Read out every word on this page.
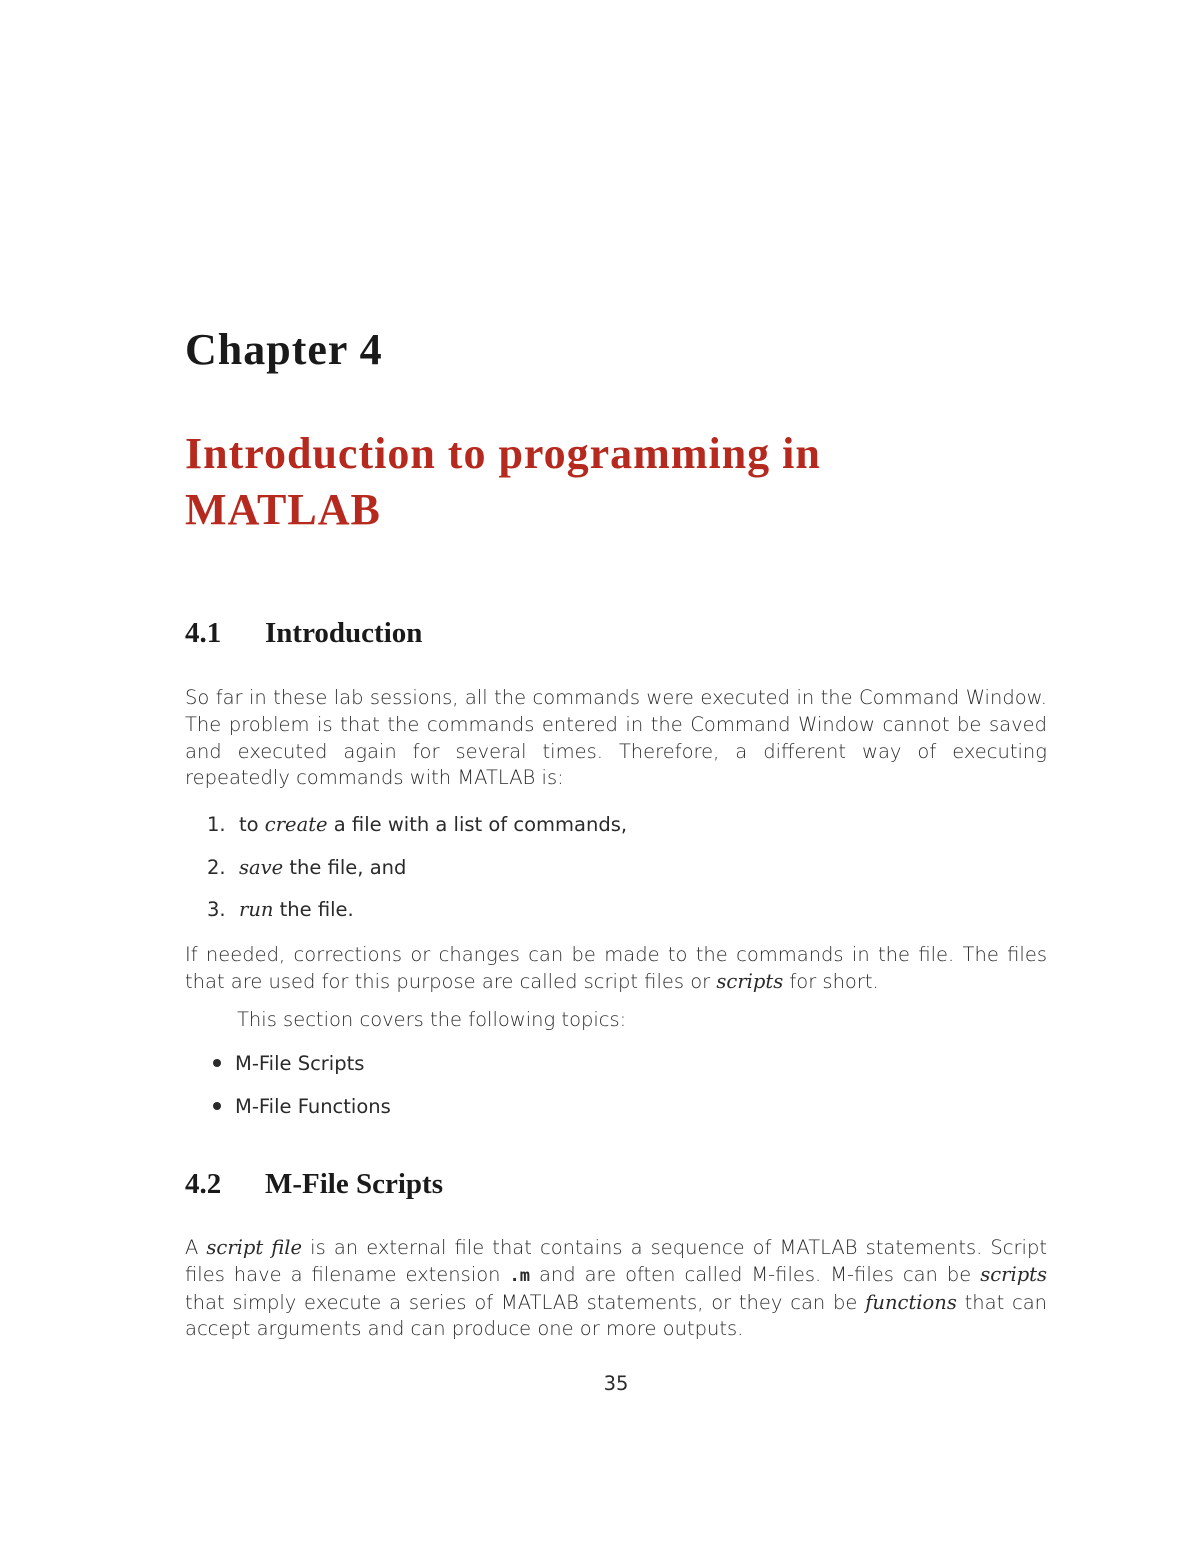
Chapter 4
Introduction to programming in
MATLAB
4.1 Introduction
So far in these lab sessions, all the commands were executed in the Command Window. The problem is that the commands entered in the Command Window cannot be saved and executed again for several times. Therefore, a different way of executing repeatedly commands with MATLAB is:
1. to create a file with a list of commands,
2. save the file, and
3. run the file.
If needed, corrections or changes can be made to the commands in the file. The files that are used for this purpose are called script files or scripts for short.
This section covers the following topics:
M-File Scripts
M-File Functions
4.2 M-File Scripts
A script file is an external file that contains a sequence of MATLAB statements. Script files have a filename extension .m and are often called M-files. M-files can be scripts that simply execute a series of MATLAB statements, or they can be functions that can accept arguments and can produce one or more outputs.
35
